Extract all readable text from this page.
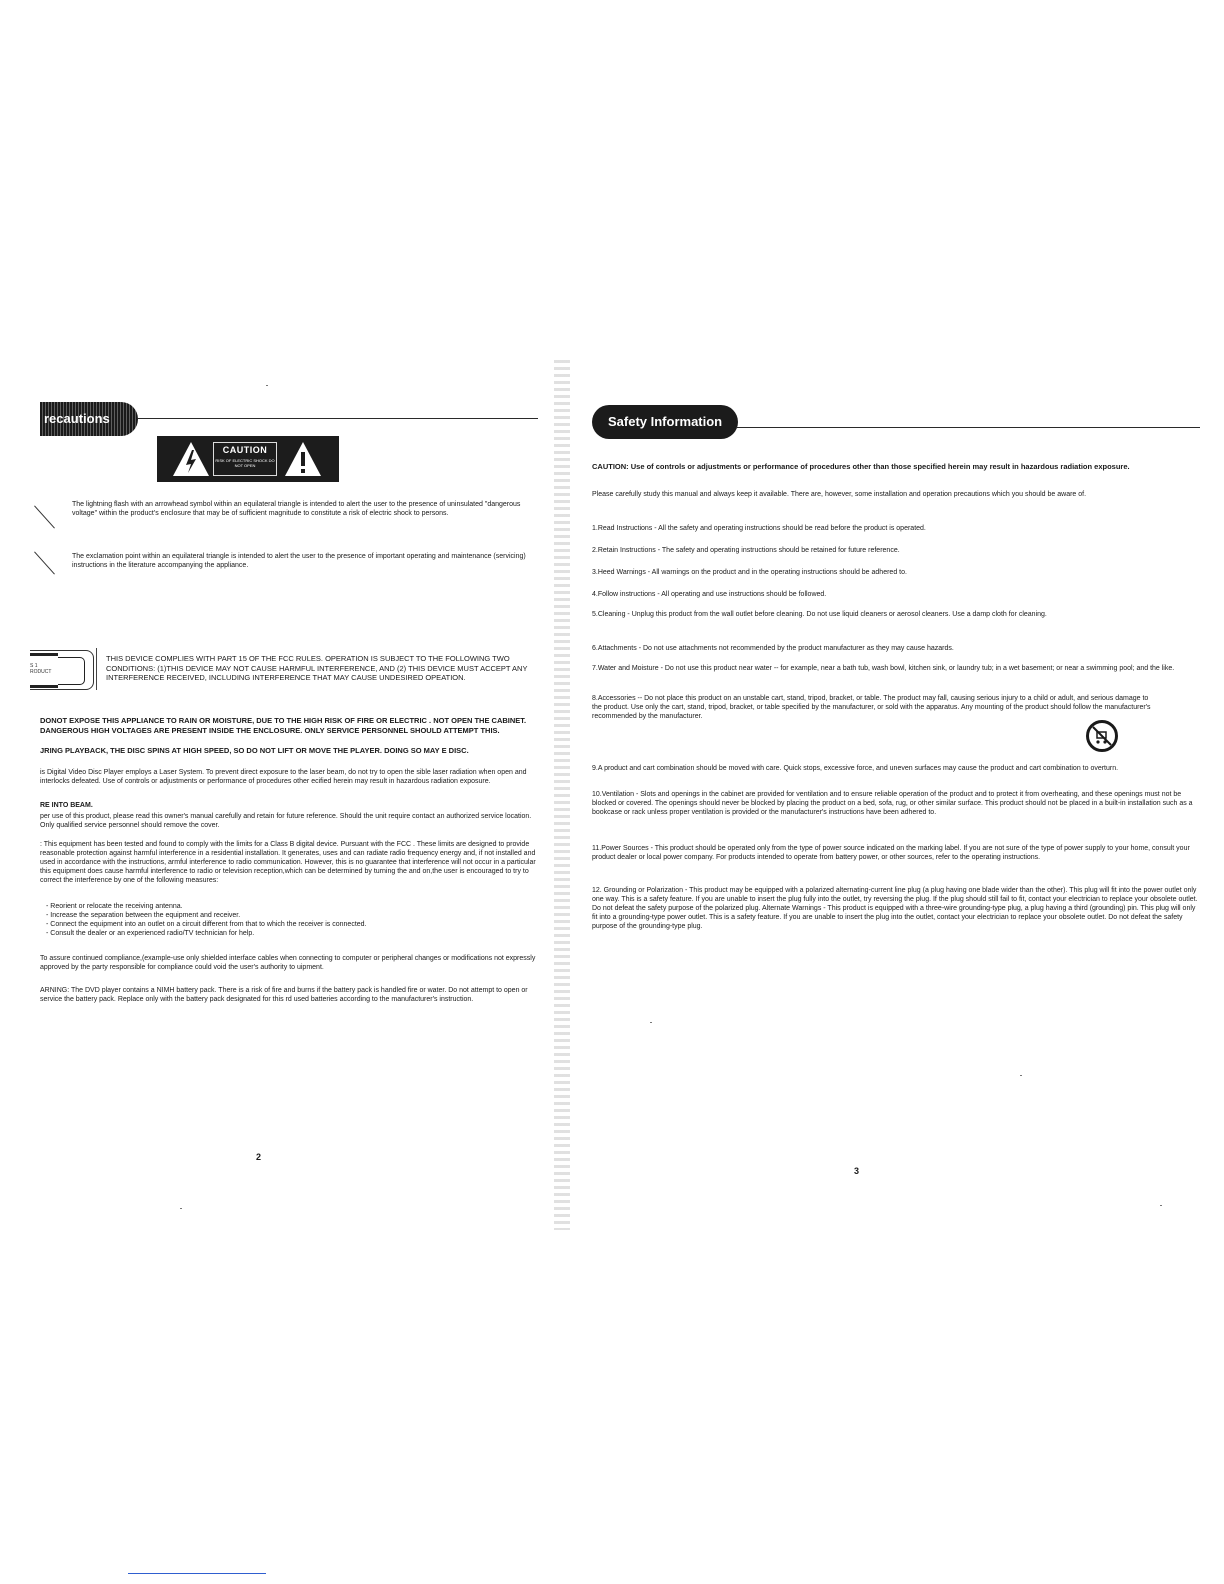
recautions
CAUTION
RISK OF ELECTRIC SHOCK DO NOT OPEN
The lightning flash with an arrowhead symbol within an equilateral triangle is intended to alert the user to the presence of uninsulated "dangerous voltage" within the product's enclosure that may be of sufficient magnitude to constitute a risk of electric shock to persons.
The exclamation point within an equilateral triangle is intended to alert the user to the presence of important operating and maintenance (servicing) instructions in the literature accompanying the appliance.
S 1 RODUCT
THIS DEVICE COMPLIES WITH PART 15 OF THE FCC RULES. OPERATION IS SUBJECT TO THE FOLLOWING TWO CONDITIONS: (1)THIS DEVICE MAY NOT CAUSE HARMFUL INTERFERENCE, AND (2) THIS DEVICE MUST ACCEPT ANY INTERFERENCE RECEIVED, INCLUDING INTERFERENCE THAT MAY CAUSE UNDESIRED OPEATION.
DONOT EXPOSE THIS APPLIANCE TO RAIN OR MOISTURE, DUE TO THE HIGH RISK OF FIRE OR ELECTRIC . NOT OPEN THE CABINET. DANGEROUS HIGH VOLTAGES ARE PRESENT INSIDE THE ENCLOSURE. ONLY SERVICE PERSONNEL SHOULD ATTEMPT THIS.
JRING PLAYBACK, THE DISC SPINS AT HIGH SPEED, SO DO NOT LIFT OR MOVE THE PLAYER. DOING SO MAY E DISC.
is Digital Video Disc Player employs a Laser System. To prevent direct exposure to the laser beam, do not try to open the sible laser radiation when open and interlocks defeated. Use of controls or adjustments or performance of procedures other ecified herein may result in hazardous radiation exposure.
RE INTO BEAM.
per use of this product, please read this owner's manual carefully and retain for future reference. Should the unit require contact an authorized service location. Only qualified service personnel should remove the cover.
: This equipment has been tested and found to comply with the limits for a Class B digital device. Pursuant with the FCC . These limits are designed to provide reasonable protection against harmful interference in a residential installation. It generates, uses and can radiate radio frequency energy and, if not installed and used in accordance with the instructions, armful interference to radio communication. However, this is no guarantee that interference will not occur in a particular this equipment does cause harmful interference to radio or television reception,which can be determined by turning the and on,the user is encouraged to try to correct the interference by one of the following measures:
- Reorient or relocate the receiving antenna.
- Increase the separation between the equipment and receiver.
- Connect the equipment into an outlet on a circuit different from that to which the receiver is connected.
- Consult the dealer or an experienced radio/TV technician for help.
To assure continued compliance,(example-use only shielded interface cables when connecting to computer or peripheral changes or modifications not expressly approved by the party responsible for compliance could void the user's authority to uipment.
ARNING: The DVD player contains a NIMH battery pack. There is a risk of fire and burns if the battery pack is handled fire or water. Do not attempt to open or service the battery pack. Replace only with the battery pack designated for this rd used batteries according to the manufacturer's instruction.
2
Safety Information
CAUTION: Use of controls or adjustments or performance of procedures other than those specified herein may result in hazardous radiation exposure.
Please carefully study this manual and always keep it available. There are, however, some installation and operation precautions which you should be aware of.
1.Read Instructions - All the safety and operating instructions should be read before the product is operated.
2.Retain Instructions - The safety and operating instructions should be retained for future reference.
3.Heed Warnings - All warnings on the product and in the operating instructions should be adhered to.
4.Follow instructions - All operating and use instructions should be followed.
5.Cleaning - Unplug this product from the wall outlet before cleaning. Do not use liquid cleaners or aerosol cleaners. Use a damp cloth for cleaning.
6.Attachments - Do not use attachments not recommended by the product manufacturer as they may cause hazards.
7.Water and Moisture - Do not use this product near water -- for example, near a bath tub, wash bowl, kitchen sink, or laundry tub; in a wet basement; or near a swimming pool; and the like.
8.Accessories -- Do not place this product on an unstable cart, stand, tripod, bracket, or table. The product may fall, causing serious injury to a child or adult, and serious damage to the product. Use only the cart, stand, tripod, bracket, or table specified by the manufacturer, or sold with the apparatus. Any mounting of the product should follow the manufacturer's recommended by the manufacturer.
9.A product and cart combination should be moved with care. Quick stops, excessive force, and uneven surfaces may cause the product and cart combination to overturn.
10.Ventilation - Slots and openings in the cabinet are provided for ventilation and to ensure reliable operation of the product and to protect it from overheating, and these openings must not be blocked or covered. The openings should never be blocked by placing the product on a bed, sofa, rug, or other similar surface. This product should not be placed in a built-in installation such as a bookcase or rack unless proper ventilation is provided or the manufacturer's instructions have been adhered to.
11.Power Sources - This product should be operated only from the type of power source indicated on the marking label. If you are not sure of the type of power supply to your home, consult your product dealer or local power company. For products intended to operate from battery power, or other sources, refer to the operating instructions.
12. Grounding or Polarization - This product may be equipped with a polarized alternating-current line plug (a plug having one blade wider than the other). This plug will fit into the power outlet only one way. This is a safety feature. If you are unable to insert the plug fully into the outlet, try reversing the plug. If the plug should still fail to fit, contact your electrician to replace your obsolete outlet. Do not defeat the safety purpose of the polarized plug. Alternate Warnings - This product is equipped with a three-wire grounding-type plug, a plug having a third (grounding) pin. This plug will only fit into a grounding-type power outlet. This is a safety feature. If you are unable to insert the plug into the outlet, contact your electrician to replace your obsolete outlet. Do not defeat the safety purpose of the grounding-type plug.
3
